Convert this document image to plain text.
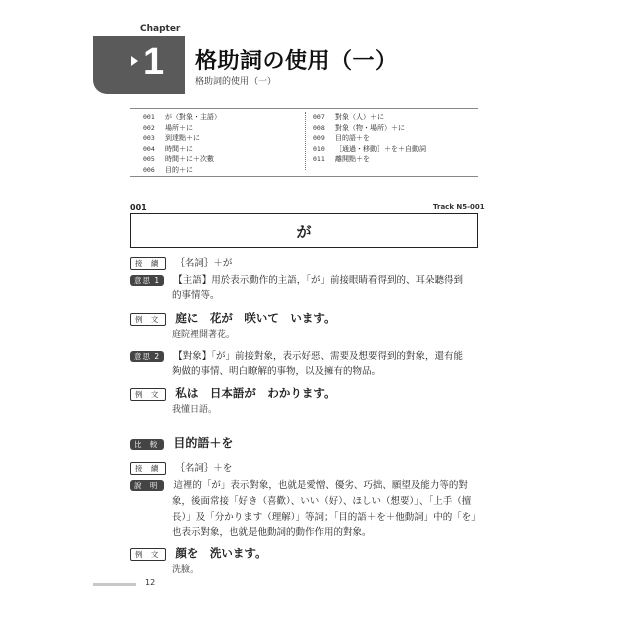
Chapter
1 格助詞の使用（一）
格助詞的使用（一）
001 が（對象・主語）
002 場所＋に
003 到達點＋に
004 時間＋に
005 時間＋に＋次數
006 目的＋に
007 對象（人）＋に
008 對象（物・場所）＋に
009 目的語＋を
010 ［通過・移動］＋を＋自動詞
011 離開點＋を
001	Track N5-001
が
接 續 ｛名詞｝＋が
意思 1 【主語】用於表示動作的主語，「が」前接眼睛看得到的、耳朵聽得到
的事情等。
例 文 庭に　花が　咲いて　います。
庭院裡開著花。
意思 2 【對象】「が」前接對象，表示好惡、需要及想要得到的對象，還有能
夠做的事情、明白瞭解的事物，以及擁有的物品。
例 文 私は　日本語が　わかります。
我懂日語。
比 較 目的語＋を
接 續 ｛名詞｝＋を
說 明 這裡的「が」表示對象，也就是愛憎、優劣、巧拙、願望及能力等的對
象，後面常接「好き（喜歡）、いい（好）、ほしい（想要）」、「上手（擅
長）」及「分かります（理解）」等詞；「目的語＋を＋他動詞」中的「を」
也表示對象，也就是他動詞的動作作用的對象。
例 文 顔を　洗います。
洗臉。
12
